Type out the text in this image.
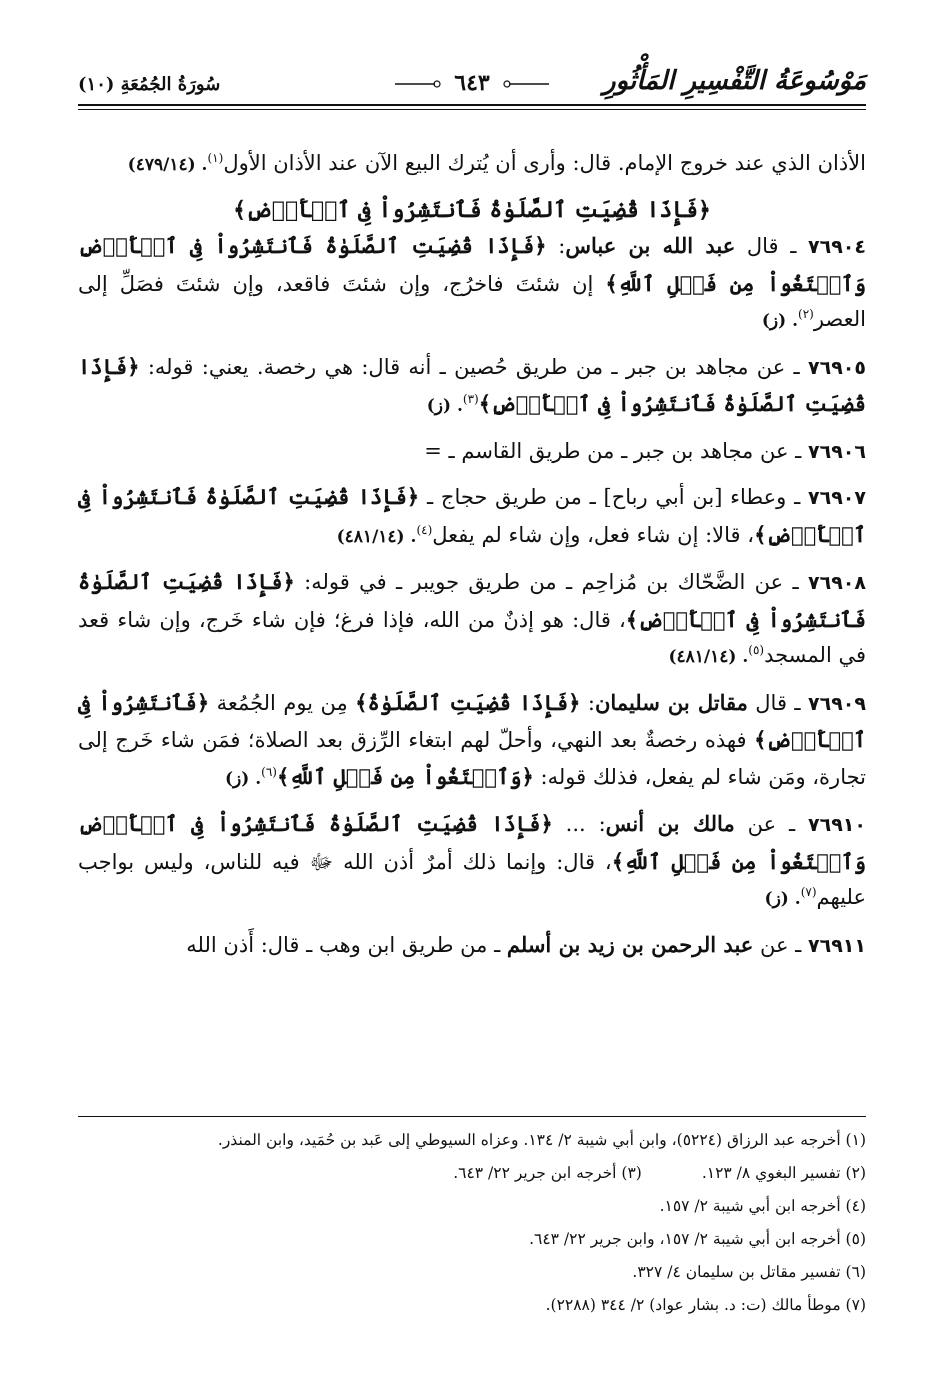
مَوْسُوعَةُ التَّفْسِيرِ المَأْثُورِ
٦٤٣
سُورَةُ الجُمُعَةِ (١٠)

الأذان الذي عند خروج الإمام. قال: وأرى أن يُترك البيع الآن عند الأذان الأول$^{(١)}$. (٤٧٩/١٤)

﴿فَإِذَا قُضِيَتِ ٱلصَّلَوٰةُ فَٱنتَشِرُواْ فِى ٱلۡأَرۡضِ﴾

٧٦٩٠٤ ـ قال عبد الله بن عباس: ﴿فَإِذَا قُضِيَتِ ٱلصَّلَوٰةُ فَٱنتَشِرُواْ فِى ٱلۡأَرۡضِ وَٱبۡتَغُواْ مِن فَضۡلِ ٱللَّهِ﴾ إن شئتَ فاخرُج، وإن شئتَ فاقعد، وإن شئتَ فصَلِّ إلى العصر$^{(٢)}$. (ز)

٧٦٩٠٥ ـ عن مجاهد بن جبر ـ من طريق حُصين ـ أنه قال: هي رخصة. يعني: قوله: ﴿فَإِذَا قُضِيَتِ ٱلصَّلَوٰةُ فَٱنتَشِرُواْ فِى ٱلۡأَرۡضِ﴾$^{(٣)}$. (ز)

٧٦٩٠٦ ـ عن مجاهد بن جبر ـ من طريق القاسم ـ =

٧٦٩٠٧ ـ وعطاء [بن أبي رباح] ـ من طريق حجاج ـ ﴿فَإِذَا قُضِيَتِ ٱلصَّلَوٰةُ فَٱنتَشِرُواْ فِى ٱلۡأَرۡضِ﴾، قالا: إن شاء فعل، وإن شاء لم يفعل$^{(٤)}$. (٤٨١/١٤)

٧٦٩٠٨ ـ عن الضَّحّاك بن مُزاحِم ـ من طريق جويبر ـ في قوله: ﴿فَإِذَا قُضِيَتِ ٱلصَّلَوٰةُ فَٱنتَشِرُواْ فِى ٱلۡأَرۡضِ﴾، قال: هو إذنٌ من الله، فإذا فرغ؛ فإن شاء خَرج، وإن شاء قعد في المسجد$^{(٥)}$. (٤٨١/١٤)

٧٦٩٠٩ ـ قال مقاتل بن سليمان: ﴿فَإِذَا قُضِيَتِ ٱلصَّلَوٰةُ﴾ مِن يوم الجُمُعة ﴿فَٱنتَشِرُواْ فِى ٱلۡأَرۡضِ﴾ فهذه رخصةٌ بعد النهي، وأحلّ لهم ابتغاء الرِّزق بعد الصلاة؛ فمَن شاء خَرج إلى تجارة، ومَن شاء لم يفعل، فذلك قوله: ﴿وَٱبۡتَغُواْ مِن فَضۡلِ ٱللَّهِ﴾$^{(٦)}$. (ز)

٧٦٩١٠ ـ عن مالك بن أنس: ... ﴿فَإِذَا قُضِيَتِ ٱلصَّلَوٰةُ فَٱنتَشِرُواْ فِى ٱلۡأَرۡضِ وَٱبۡتَغُواْ مِن فَضۡلِ ٱللَّهِ﴾، قال: وإنما ذلك أمرٌ أذن الله ﷻ فيه للناس، وليس بواجب عليهم$^{(٧)}$. (ز)

٧٦٩١١ ـ عن عبد الرحمن بن زيد بن أسلم ـ من طريق ابن وهب ـ قال: أَذن الله

(١) أخرجه عبد الرزاق (٥٢٢٤)، وابن أبي شيبة ٢/ ١٣٤. وعزاه السيوطي إلى عَبد بن حُمَيد، وابن المنذر.

(٢) تفسير البغوي ٨/ ١٢٣.

(٣) أخرجه ابن جرير ٢٢/ ٦٤٣.

(٤) أخرجه ابن أبي شيبة ٢/ ١٥٧.

(٥) أخرجه ابن أبي شيبة ٢/ ١٥٧، وابن جرير ٢٢/ ٦٤٣.

(٦) تفسير مقاتل بن سليمان ٤/ ٣٢٧.

(٧) موطأ مالك (ت: د. بشار عواد) ٢/ ٣٤٤ (٢٢٨٨).
